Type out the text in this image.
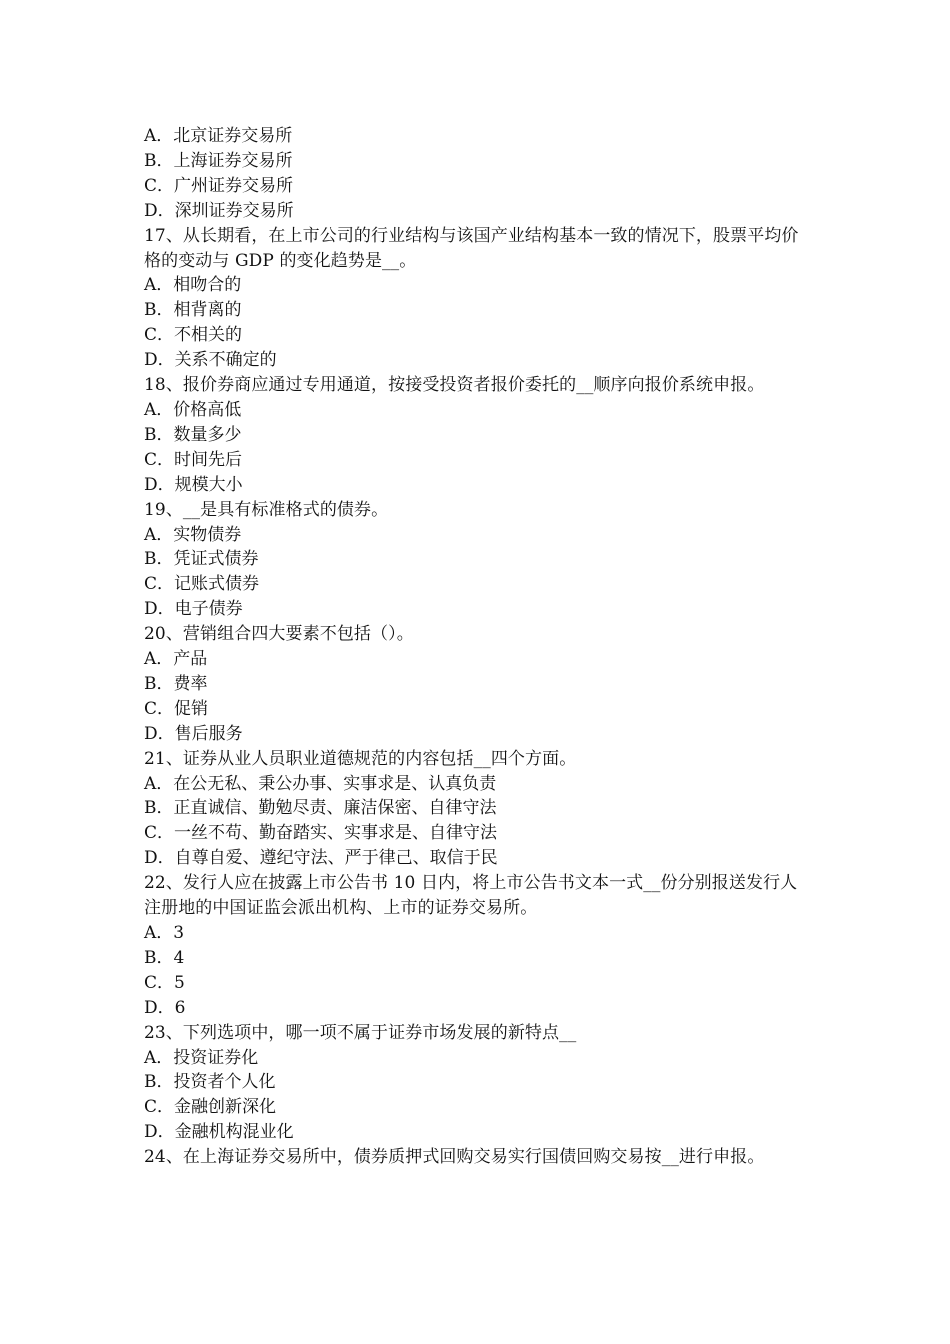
A．北京证券交易所
B．上海证券交易所
C．广州证券交易所
D．深圳证券交易所
17、从长期看，在上市公司的行业结构与该国产业结构基本一致的情况下，股票平均价格的变动与 GDP 的变化趋势是__。
A．相吻合的
B．相背离的
C．不相关的
D．关系不确定的
18、报价券商应通过专用通道，按接受投资者报价委托的__顺序向报价系统申报。
A．价格高低
B．数量多少
C．时间先后
D．规模大小
19、__是具有标准格式的债券。
A．实物债券
B．凭证式债券
C．记账式债券
D．电子债券
20、营销组合四大要素不包括（）。
A．产品
B．费率
C．促销
D．售后服务
21、证券从业人员职业道德规范的内容包括__四个方面。
A．在公无私、秉公办事、实事求是、认真负责
B．正直诚信、勤勉尽责、廉洁保密、自律守法
C．一丝不苟、勤奋踏实、实事求是、自律守法
D．自尊自爱、遵纪守法、严于律己、取信于民
22、发行人应在披露上市公告书 10 日内，将上市公告书文本一式__份分别报送发行人注册地的中国证监会派出机构、上市的证券交易所。
A．3
B．4
C．5
D．6
23、下列选项中，哪一项不属于证券市场发展的新特点__
A．投资证券化
B．投资者个人化
C．金融创新深化
D．金融机构混业化
24、在上海证券交易所中，债券质押式回购交易实行国债回购交易按__进行申报。
